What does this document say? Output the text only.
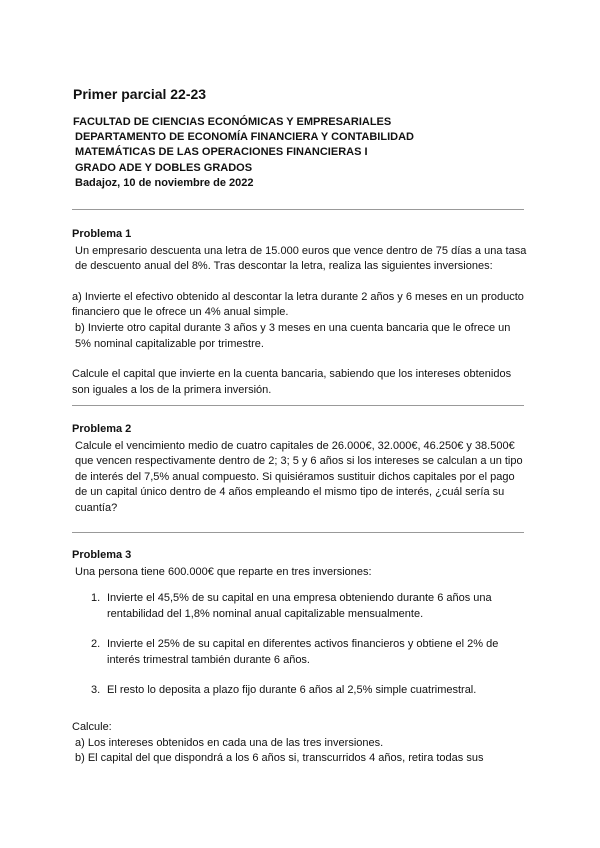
Primer parcial 22-23
FACULTAD DE CIENCIAS ECONÓMICAS Y EMPRESARIALES
DEPARTAMENTO DE ECONOMÍA FINANCIERA Y CONTABILIDAD
MATEMÁTICAS DE LAS OPERACIONES FINANCIERAS I
GRADO ADE Y DOBLES GRADOS
Badajoz, 10 de noviembre de 2022
Problema 1

Un empresario descuenta una letra de 15.000 euros que vence dentro de 75 días a una tasa de descuento anual del 8%. Tras descontar la letra, realiza las siguientes inversiones:

a) Invierte el efectivo obtenido al descontar la letra durante 2 años y 6 meses en un producto financiero que le ofrece un 4% anual simple.

b) Invierte otro capital durante 3 años y 3 meses en una cuenta bancaria que le ofrece un 5% nominal capitalizable por trimestre.

Calcule el capital que invierte en la cuenta bancaria, sabiendo que los intereses obtenidos son iguales a los de la primera inversión.

Problema 2

Calcule el vencimiento medio de cuatro capitales de 26.000€, 32.000€, 46.250€ y 38.500€ que vencen respectivamente dentro de 2; 3; 5 y 6 años si los intereses se calculan a un tipo de interés del 7,5% anual compuesto. Si quisiéramos sustituir dichos capitales por el pago de un capital único dentro de 4 años empleando el mismo tipo de interés, ¿cuál sería su cuantía?

Problema 3

Una persona tiene 600.000€ que reparte en tres inversiones:

1. Invierte el 45,5% de su capital en una empresa obteniendo durante 6 años una rentabilidad del 1,8% nominal anual capitalizable mensualmente.
2. Invierte el 25% de su capital en diferentes activos financieros y obtiene el 2% de interés trimestral también durante 6 años.
3. El resto lo deposita a plazo fijo durante 6 años al 2,5% simple cuatrimestral.

Calcule:

a) Los intereses obtenidos en cada una de las tres inversiones.

b) El capital del que dispondrá a los 6 años si, transcurridos 4 años, retira todas sus
